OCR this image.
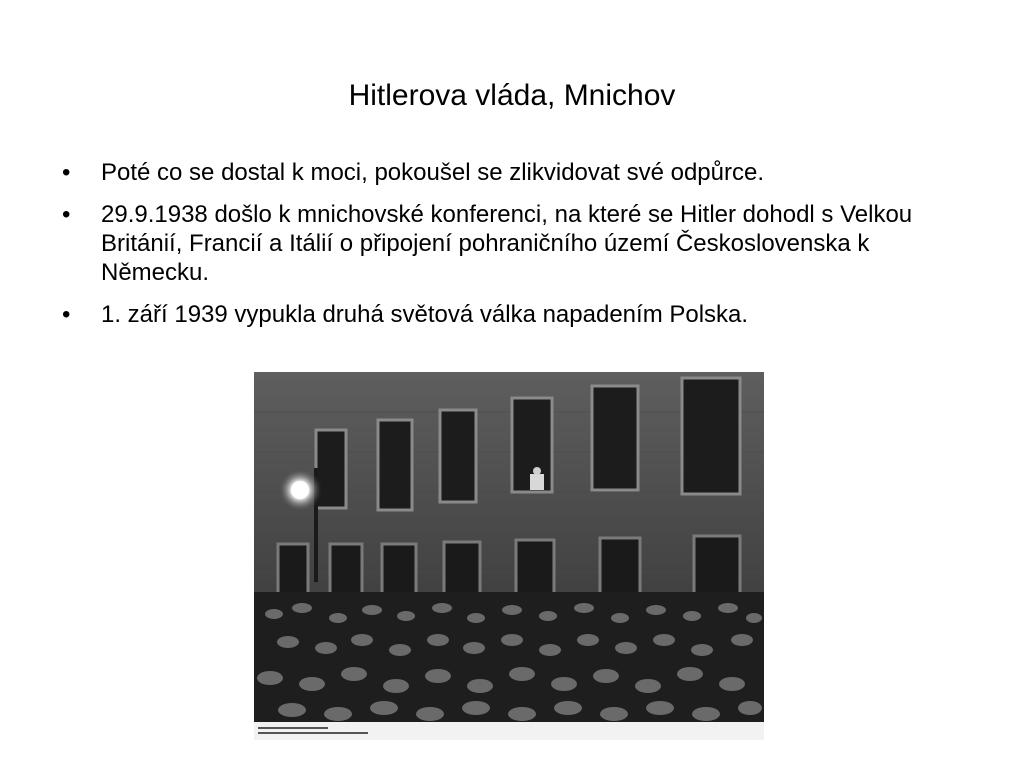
Hitlerova vláda, Mnichov
•	Poté co se dostal k moci, pokoušel se zlikvidovat své odpůrce.
•	29.9.1938 došlo k mnichovské konferenci, na které se Hitler dohodl s Velkou Británií, Francií a Itálií o připojení pohraničního území Československa k Německu.
•	1. září 1939 vypukla druhá světová válka napadením Polska.
